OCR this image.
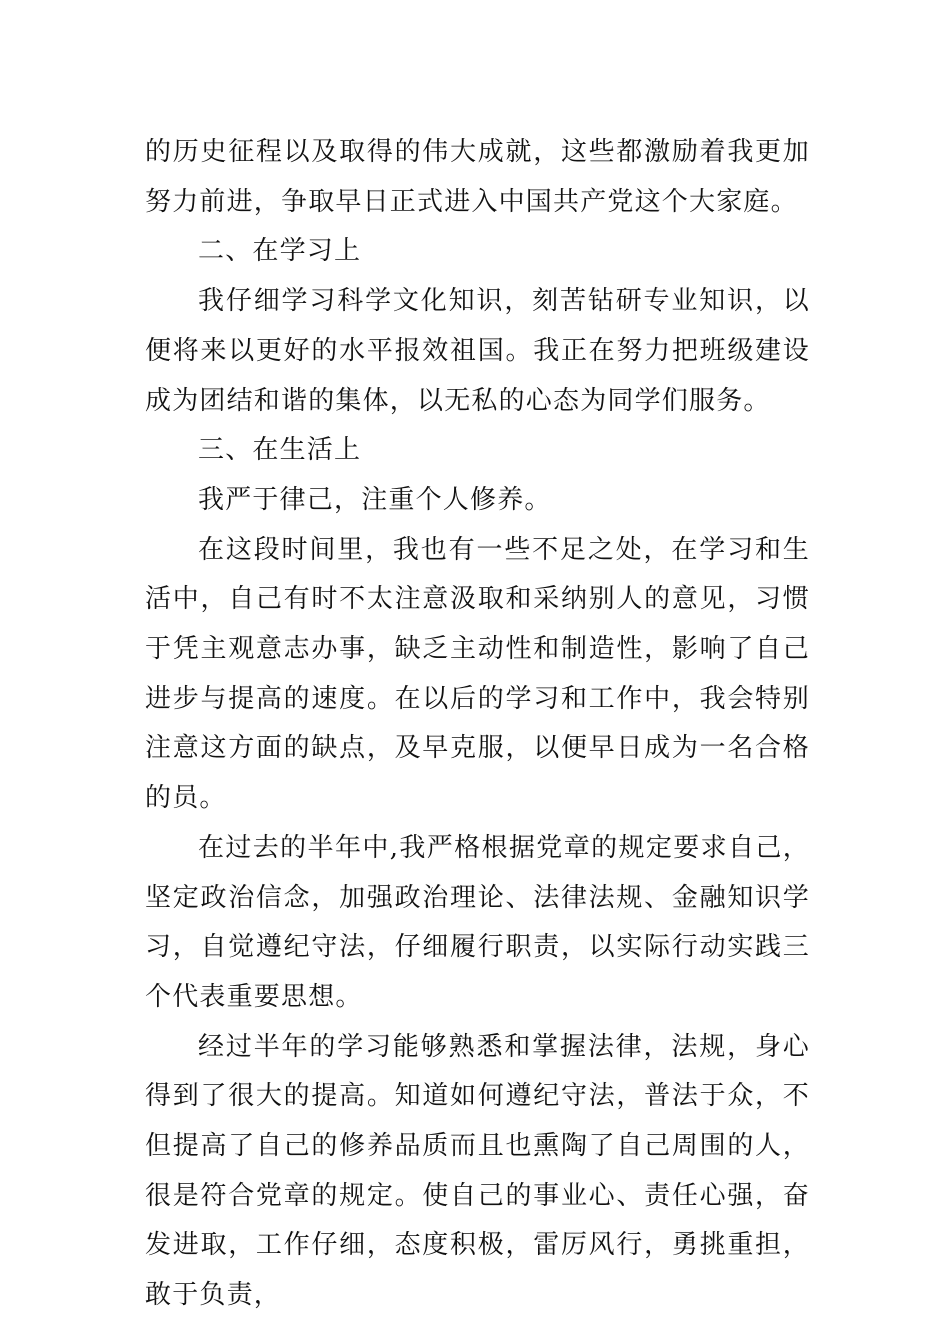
的历史征程以及取得的伟大成就，这些都激励着我更加努力前进，争取早日正式进入中国共产党这个大家庭。

二、在学习上

我仔细学习科学文化知识，刻苦钻研专业知识，以便将来以更好的水平报效祖国。我正在努力把班级建设成为团结和谐的集体，以无私的心态为同学们服务。

三、在生活上

我严于律己，注重个人修养。

在这段时间里，我也有一些不足之处，在学习和生活中，自己有时不太注意汲取和采纳别人的意见，习惯于凭主观意志办事，缺乏主动性和制造性，影响了自己进步与提高的速度。在以后的学习和工作中，我会特别注意这方面的缺点，及早克服，以便早日成为一名合格的员。

在过去的半年中,我严格根据党章的规定要求自己，坚定政治信念，加强政治理论、法律法规、金融知识学习，自觉遵纪守法，仔细履行职责，以实际行动实践三个代表重要思想。

经过半年的学习能够熟悉和掌握法律，法规，身心得到了很大的提高。知道如何遵纪守法，普法于众，不但提高了自己的修养品质而且也熏陶了自己周围的人，很是符合党章的规定。使自己的事业心、责任心强，奋发进取，工作仔细，态度积极，雷厉风行，勇挑重担，敢于负责，
